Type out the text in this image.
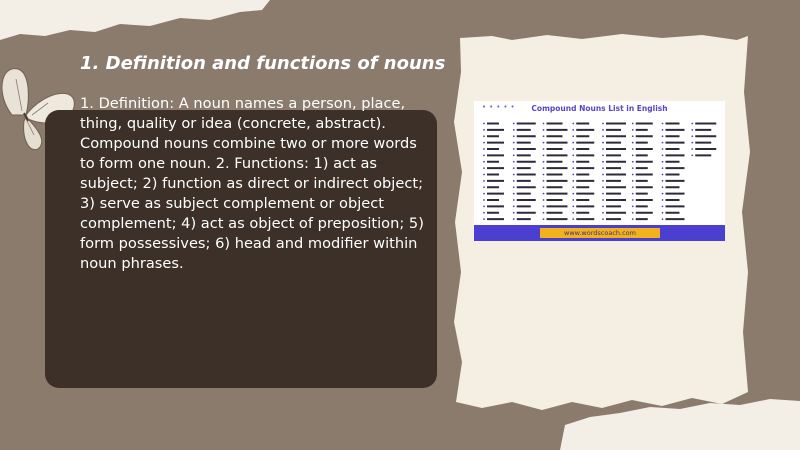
1. Definition and functions of nouns
1. Definition: A noun names a person, place, thing, quality or idea (concrete, abstract). Compound nouns combine two or more words to form one noun. 2. Functions: 1) act as subject; 2) function as direct or indirect object; 3) serve as subject complement or object complement; 4) act as object of preposition; 5) form possessives; 6) head and modifier within noun phrases.
•••••	Compound Nouns List in English
www.wordscoach.com
